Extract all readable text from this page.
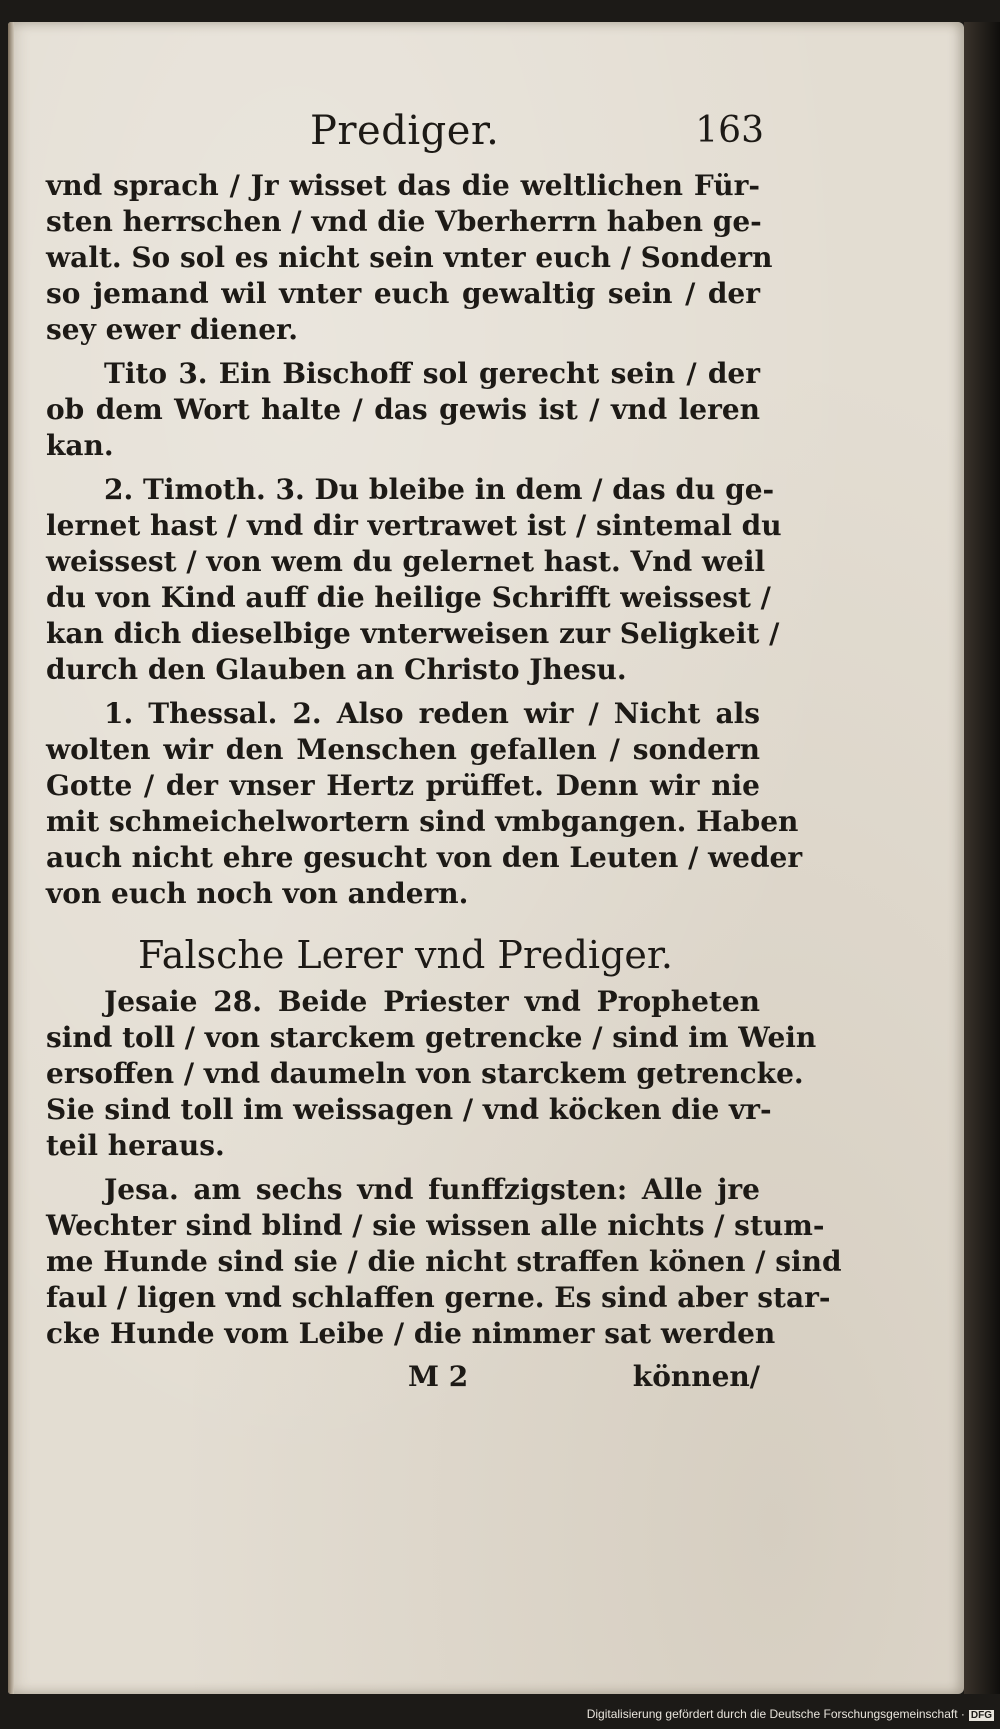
Prediger.	163

vnd sprach / Jr wisset das die weltlichen Für-
sten herrschen / vnd die Vberherrn haben ge-
walt. So sol es nicht sein vnter euch / Sondern
so jemand wil vnter euch gewaltig sein / der
sey ewer diener.

Tito 3. Ein Bischoff sol gerecht sein / der
ob dem Wort halte / das gewis ist / vnd leren
kan.

2. Timoth. 3. Du bleibe in dem / das du ge-
lernet hast / vnd dir vertrawet ist / sintemal du
weissest / von wem du gelernet hast. Vnd weil
du von Kind auff die heilige Schrifft weissest /
kan dich dieselbige vnterweisen zur Seligkeit /
durch den Glauben an Christo Jhesu.

1. Thessal. 2. Also reden wir / Nicht als
wolten wir den Menschen gefallen / sondern
Gotte / der vnser Hertz prüffet. Denn wir nie
mit schmeichelwortern sind vmbgangen. Haben
auch nicht ehre gesucht von den Leuten / weder
von euch noch von andern.

Falsche Lerer vnd Prediger.

Jesaie 28. Beide Priester vnd Propheten
sind toll / von starckem getrencke / sind im Wein
ersoffen / vnd daumeln von starckem getrencke.
Sie sind toll im weissagen / vnd köcken die vr-
teil heraus.

Jesa. am sechs vnd funffzigsten: Alle jre
Wechter sind blind / sie wissen alle nichts / stum-
me Hunde sind sie / die nicht straffen könen / sind
faul / ligen vnd schlaffen gerne. Es sind aber star-
cke Hunde vom Leibe / die nimmer sat werden

M 2	können/
Digitalisierung gefördert durch die Deutsche Forschungsgemeinschaft · DFG
